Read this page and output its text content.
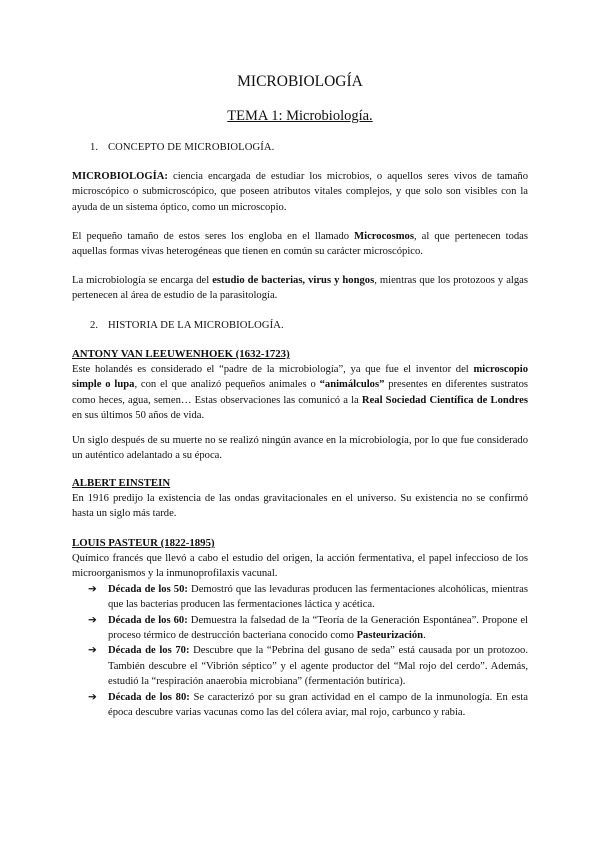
MICROBIOLOGÍA
TEMA 1: Microbiología.
1. CONCEPTO DE MICROBIOLOGÍA.

MICROBIOLOGÍA: ciencia encargada de estudiar los microbios, o aquellos seres vivos de tamaño microscópico o submicroscópico, que poseen atributos vitales complejos, y que solo son visibles con la ayuda de un sistema óptico, como un microscopio.

El pequeño tamaño de estos seres los engloba en el llamado Microcosmos, al que pertenecen todas aquellas formas vivas heterogéneas que tienen en común su carácter microscópico.

La microbiología se encarga del estudio de bacterias, virus y hongos, mientras que los protozoos y algas pertenecen al área de estudio de la parasitología.

2. HISTORIA DE LA MICROBIOLOGÍA.

ANTONY VAN LEEUWENHOEK (1632-1723)

Este holandés es considerado el “padre de la microbiología”, ya que fue el inventor del microscopio simple o lupa, con el que analizó pequeños animales o “animálculos” presentes en diferentes sustratos como heces, agua, semen… Estas observaciones las comunicó a la Real Sociedad Científica de Londres en sus últimos 50 años de vida.

Un siglo después de su muerte no se realizó ningún avance en la microbiología, por lo que fue considerado un auténtico adelantado a su época.

ALBERT EINSTEIN

En 1916 predijo la existencia de las ondas gravitacionales en el universo. Su existencia no se confirmó hasta un siglo más tarde.

LOUIS PASTEUR (1822-1895)

Químico francés que llevó a cabo el estudio del origen, la acción fermentativa, el papel infeccioso de los microorganismos y la inmunoprofilaxis vacunal.

➔ Década de los 50: Demostró que las levaduras producen las fermentaciones alcohólicas, mientras que las bacterias producen las fermentaciones láctica y acética.
➔ Década de los 60: Demuestra la falsedad de la “Teoría de la Generación Espontánea”. Propone el proceso térmico de destrucción bacteriana conocido como Pasteurización.
➔ Década de los 70: Descubre que la “Pebrina del gusano de seda” está causada por un protozoo. También descubre el “Vibrión séptico” y el agente productor del “Mal rojo del cerdo”. Además, estudió la “respiración anaerobia microbiana” (fermentación butírica).
➔ Década de los 80: Se caracterizó por su gran actividad en el campo de la inmunología. En esta época descubre varias vacunas como las del cólera aviar, mal rojo, carbunco y rabia.
